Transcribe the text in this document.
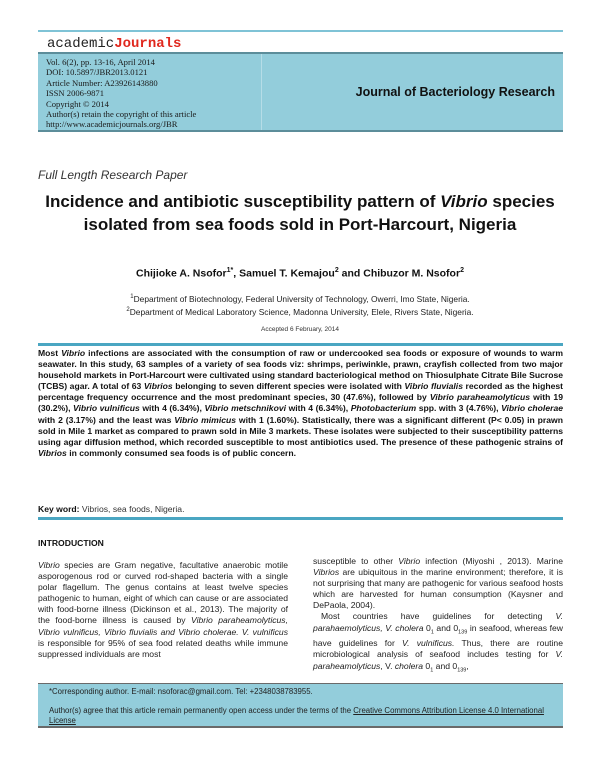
academicJournals
Vol. 6(2), pp. 13-16, April 2014
DOI: 10.5897/JBR2013.0121
Article Number: A23926143880
ISSN 2006-9871
Copyright © 2014
Author(s) retain the copyright of this article
http://www.academicjournals.org/JBR
Journal of Bacteriology Research
Full Length Research Paper
Incidence and antibiotic susceptibility pattern of Vibrio species isolated from sea foods sold in Port-Harcourt, Nigeria
Chijioke A. Nsofor$^{1*}$, Samuel T. Kemajou$^2$ and Chibuzor M. Nsofor$^2$
$^1$Department of Biotechnology, Federal University of Technology, Owerri, Imo State, Nigeria.
$^2$Department of Medical Laboratory Science, Madonna University, Elele, Rivers State, Nigeria.
Accepted 6 February, 2014
Most Vibrio infections are associated with the consumption of raw or undercooked sea foods or exposure of wounds to warm seawater. In this study, 63 samples of a variety of sea foods viz: shrimps, periwinkle, prawn, crayfish collected from two major household markets in Port-Harcourt were cultivated using standard bacteriological method on Thiosulphate Citrate Bile Sucrose (TCBS) agar. A total of 63 Vibrios belonging to seven different species were isolated with Vibrio fluvialis recorded as the highest percentage frequency occurrence and the most predominant species, 30 (47.6%), followed by Vibrio paraheamolyticus with 19 (30.2%), Vibrio vulnificus with 4 (6.34%), Vibrio metschnikovi with 4 (6.34%), Photobacterium spp. with 3 (4.76%), Vibrio cholerae with 2 (3.17%) and the least was Vibrio mimicus with 1 (1.60%). Statistically, there was a significant different (P< 0.05) in prawn sold in Mile 1 market as compared to prawn sold in Mile 3 markets. These isolates were subjected to their susceptibility patterns using agar diffusion method, which recorded susceptible to most antibiotics used. The presence of these pathogenic strains of Vibrios in commonly consumed sea foods is of public concern.
Key word: Vibrios, sea foods, Nigeria.
INTRODUCTION
Vibrio species are Gram negative, facultative anaerobic motile asporogenous rod or curved rod-shaped bacteria with a single polar flagellum. The genus contains at least twelve species pathogenic to human, eight of which can cause or are associated with food-borne illness (Dickinson et al., 2013). The majority of the food-borne illness is caused by Vibrio paraheamolyticus, Vibrio vulnificus, Vibrio fluvialis and Vibrio cholerae. V. vulnificus is responsible for 95% of sea food related deaths while immune suppressed individuals are most
susceptible to other Vibrio infection (Miyoshi , 2013). Marine Vibrios are ubiquitous in the marine environment; therefore, it is not surprising that many are pathogenic for various seafood hosts which are harvested for human consumption (Kaysner and DePaola, 2004).
Most countries have guidelines for detecting V. parahaemolyticus, V. cholera $0_1$ and $0_{139}$ in seafood, whereas few have guidelines for V. vulnificus. Thus, there are routine microbiological analysis of seafood includes testing for V. paraheamolyticus, V. cholera $0_1$ and $0_{139}$,
*Corresponding author. E-mail: nsoforac@gmail.com. Tel: +2348038783955.
Author(s) agree that this article remain permanently open access under the terms of the Creative Commons Attribution License 4.0 International License
